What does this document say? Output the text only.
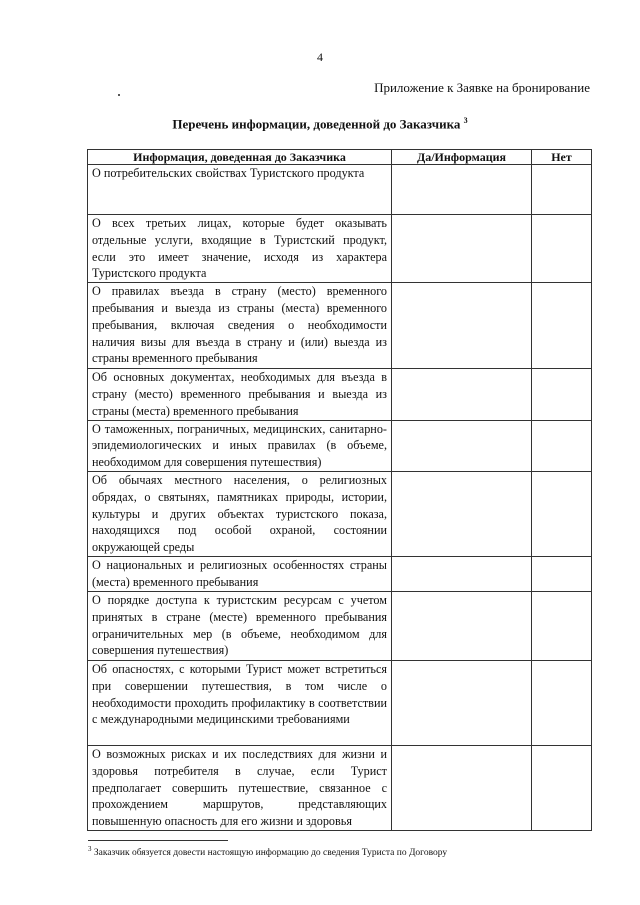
4
Приложение к Заявке на бронирование
Перечень информации, доведенной до Заказчика $^3$
Информация, доведенная до Заказчика	Да/Информация	Нет
О потребительских свойствах Туристского продукта		
О всех третьих лицах, которые будет оказывать отдельные услуги, входящие в Туристский продукт, если это имеет значение, исходя из характера Туристского продукта		
О правилах въезда в страну (место) временного пребывания и выезда из страны (места) временного пребывания, включая сведения о необходимости наличия визы для въезда в страну и (или) выезда из страны временного пребывания		
Об основных документах, необходимых для въезда в страну (место) временного пребывания и выезда из страны (места) временного пребывания		
О таможенных, пограничных, медицинских, санитарно-эпидемиологических и иных правилах (в объеме, необходимом для совершения путешествия)		
Об обычаях местного населения, о религиозных обрядах, о святынях, памятниках природы, истории, культуры и других объектах туристского показа, находящихся под особой охраной, состоянии окружающей среды		
О национальных и религиозных особенностях страны (места) временного пребывания		
О порядке доступа к туристским ресурсам с учетом принятых в стране (месте) временного пребывания ограничительных мер (в объеме, необходимом для совершения путешествия)		
Об опасностях, с которыми Турист может встретиться при совершении путешествия, в том числе о необходимости проходить профилактику в соответствии с международными медицинскими требованиями		
О возможных рисках и их последствиях для жизни и здоровья потребителя в случае, если Турист предполагает совершить путешествие, связанное с прохождением маршрутов, представляющих повышенную опасность для его жизни и здоровья		
$^3$ Заказчик обязуется довести настоящую информацию до сведения Туриста по Договору
